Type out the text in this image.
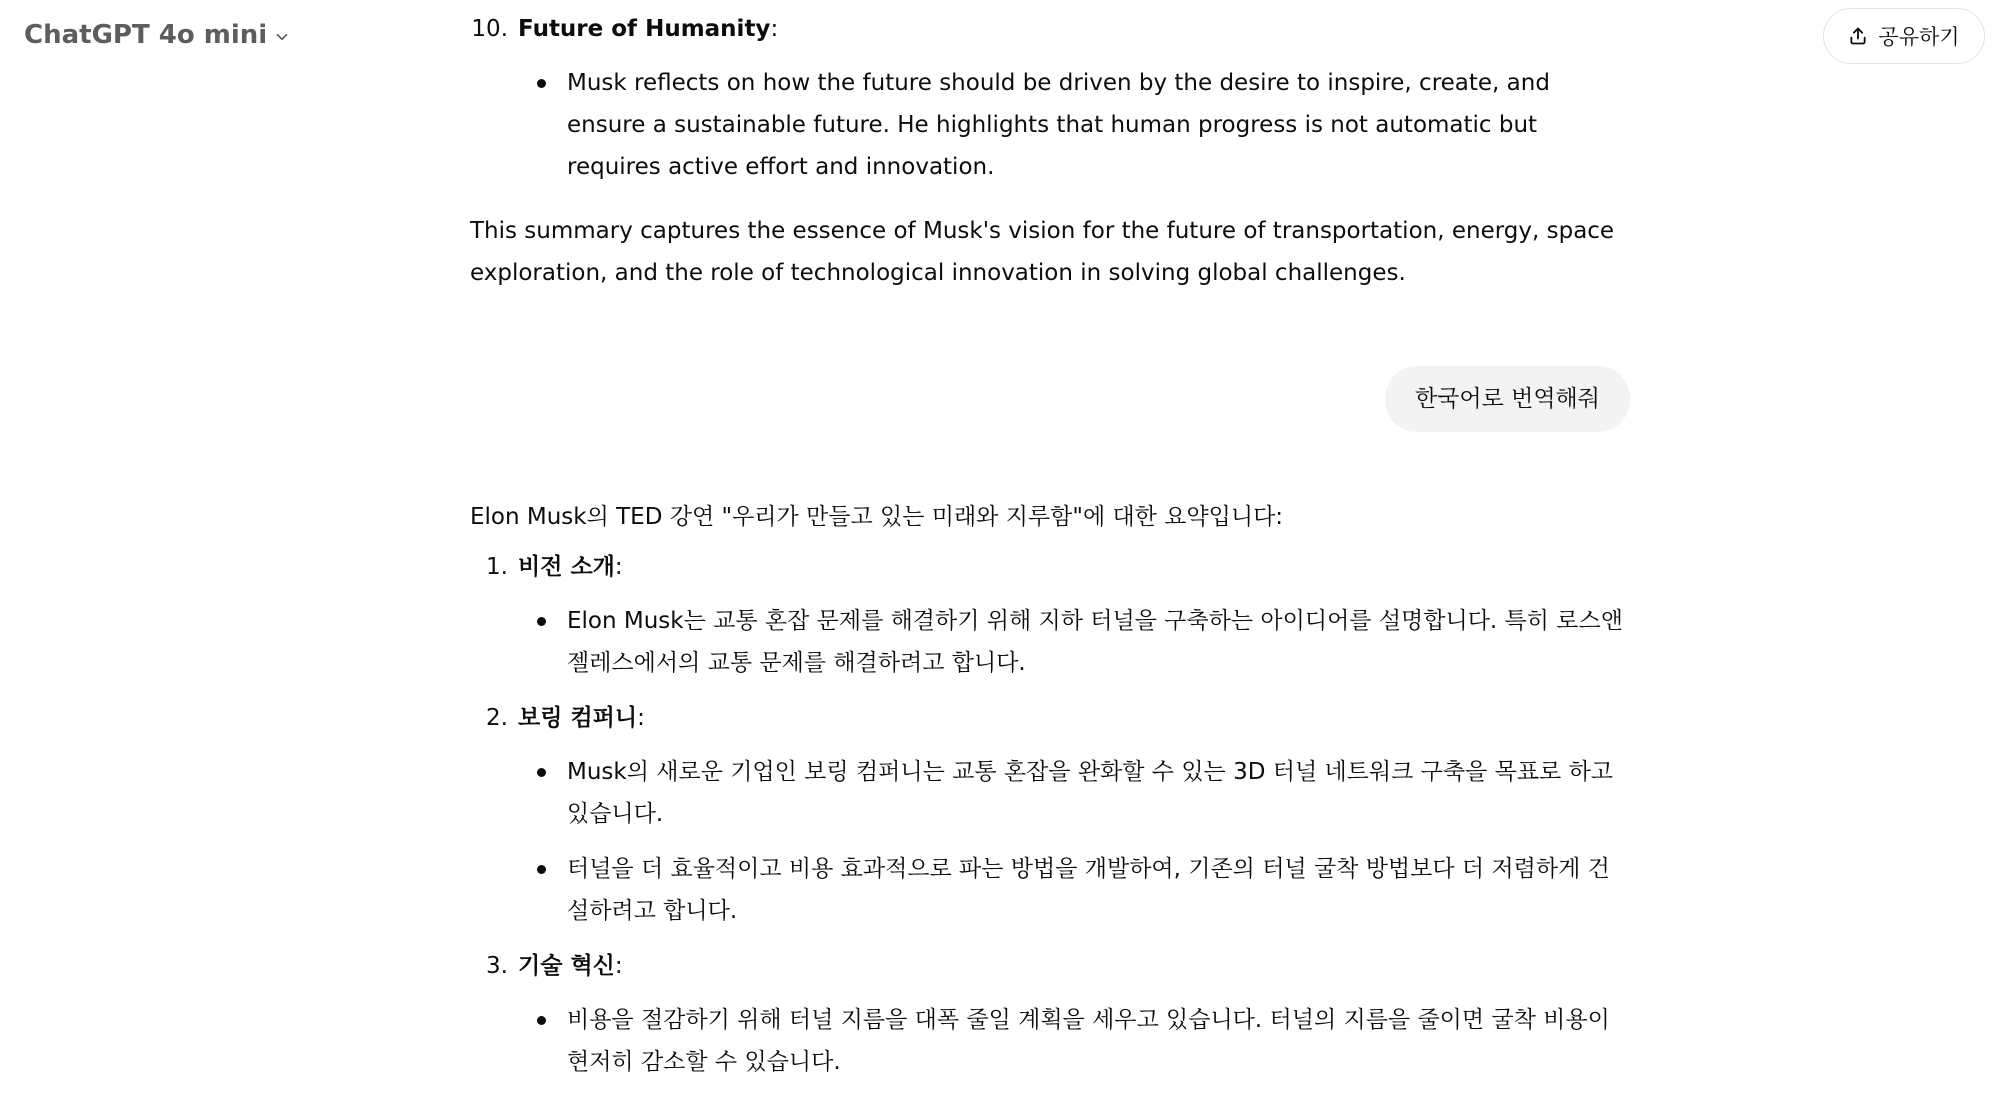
ChatGPT 4o mini	공유하기
10. Future of Humanity:
Musk reflects on how the future should be driven by the desire to inspire, create, and ensure a sustainable future. He highlights that human progress is not automatic but requires active effort and innovation.

This summary captures the essence of Musk's vision for the future of transportation, energy, space exploration, and the role of technological innovation in solving global challenges.

한국어로 번역해줘

Elon Musk의 TED 강연 "우리가 만들고 있는 미래와 지루함"에 대한 요약입니다:

1. 비전 소개:
Elon Musk는 교통 혼잡 문제를 해결하기 위해 지하 터널을 구축하는 아이디어를 설명합니다. 특히 로스앤젤레스에서의 교통 문제를 해결하려고 합니다.
2. 보링 컴퍼니:
Musk의 새로운 기업인 보링 컴퍼니는 교통 혼잡을 완화할 수 있는 3D 터널 네트워크 구축을 목표로 하고 있습니다.
터널을 더 효율적이고 비용 효과적으로 파는 방법을 개발하여, 기존의 터널 굴착 방법보다 더 저렴하게 건설하려고 합니다.
3. 기술 혁신:
비용을 절감하기 위해 터널 지름을 대폭 줄일 계획을 세우고 있습니다. 터널의 지름을 줄이면 굴착 비용이 현저히 감소할 수 있습니다.
